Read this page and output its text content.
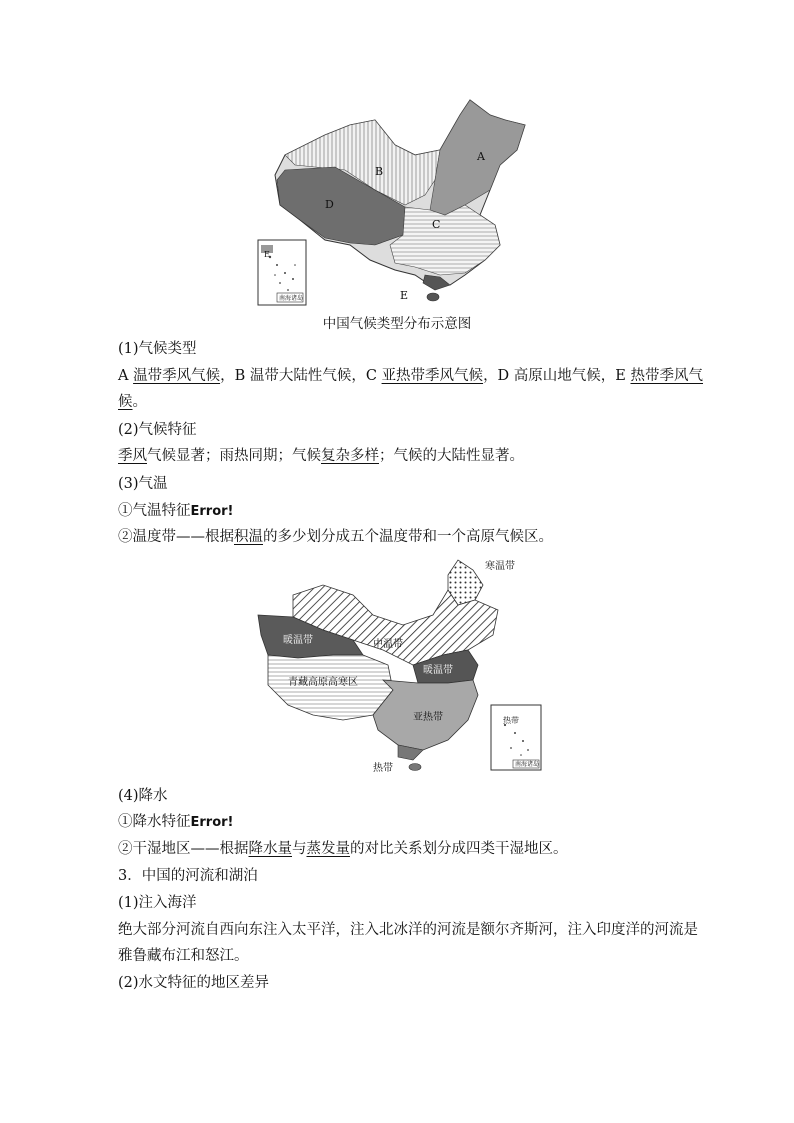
B
A
D
C
E
E
南海诸岛
中国气候类型分布示意图
(1)气候类型
A 温带季风气候，B 温带大陆性气候，C 亚热带季风气候，D 高原山地气候，E 热带季风气
候。
(2)气候特征
季风气候显著；雨热同期；气候复杂多样；气候的大陆性显著。
(3)气温
①气温特征Error!
②温度带——根据积温的多少划分成五个温度带和一个高原气候区。
寒温带
暖温带	中温带
暖温带
青藏高原高寒区
亚热带
热带
热带
南海诸岛
(4)降水
①降水特征Error!
②干湿地区——根据降水量与蒸发量的对比关系划分成四类干湿地区。
3．中国的河流和湖泊
(1)注入海洋
绝大部分河流自西向东注入太平洋，注入北冰洋的河流是额尔齐斯河，注入印度洋的河流是
雅鲁藏布江和怒江。
(2)水文特征的地区差异
